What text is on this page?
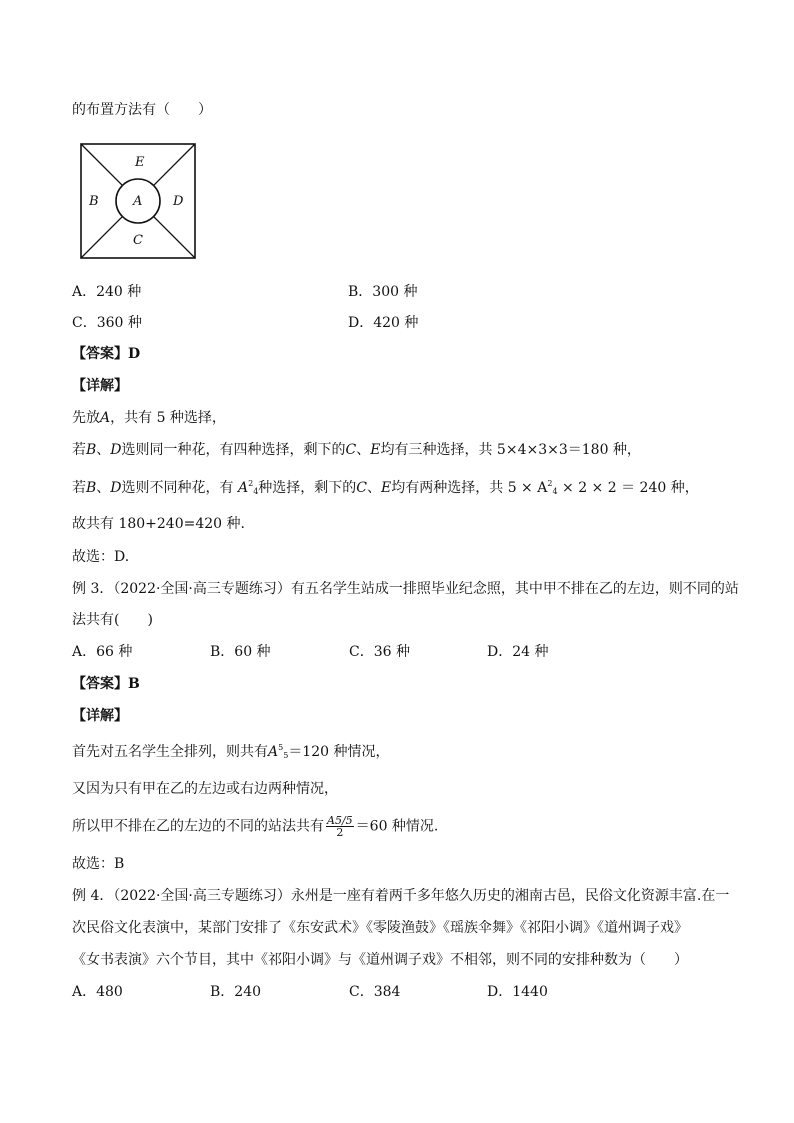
的布置方法有（　　）
E
B	A D
C
A．240 种	B．300 种
C．360 种	D．420 种
【答案】D
【详解】
先放A，共有 5 种选择，
若B、D选则同一种花，有四种选择，剩下的C、E均有三种选择，共 5×4×3×3＝180 种，
若B、D选则不同种花，有 $A^2_4$种选择，剩下的C、E均有两种选择，共 $5 \times A^2_4 \times 2 \times 2 = 240$ 种，
故共有 180+240=420 种.
故选：D.
例 3．（2022·全国·高三专题练习）有五名学生站成一排照毕业纪念照，其中甲不排在乙的左边，则不同的站
法共有(　　)
A．66 种	B．60 种	C．36 种	D．24 种
【答案】B
【详解】
首先对五名学生全排列，则共有$A^5_5=120$ 种情况，
又因为只有甲在乙的左边或右边两种情况，
所以甲不排在乙的左边的不同的站法共有 $\frac{A5/5}{2} =60$ 种情况.
故选：B
例 4．（2022·全国·高三专题练习）永州是一座有着两千多年悠久历史的湘南古邑，民俗文化资源丰富.在一
次民俗文化表演中，某部门安排了《东安武术》《零陵渔鼓》《瑶族伞舞》《祁阳小调》《道州调子戏》
《女书表演》六个节目，其中《祁阳小调》与《道州调子戏》不相邻，则不同的安排种数为（　　）
A．480	B．240	C．384	D．1440
